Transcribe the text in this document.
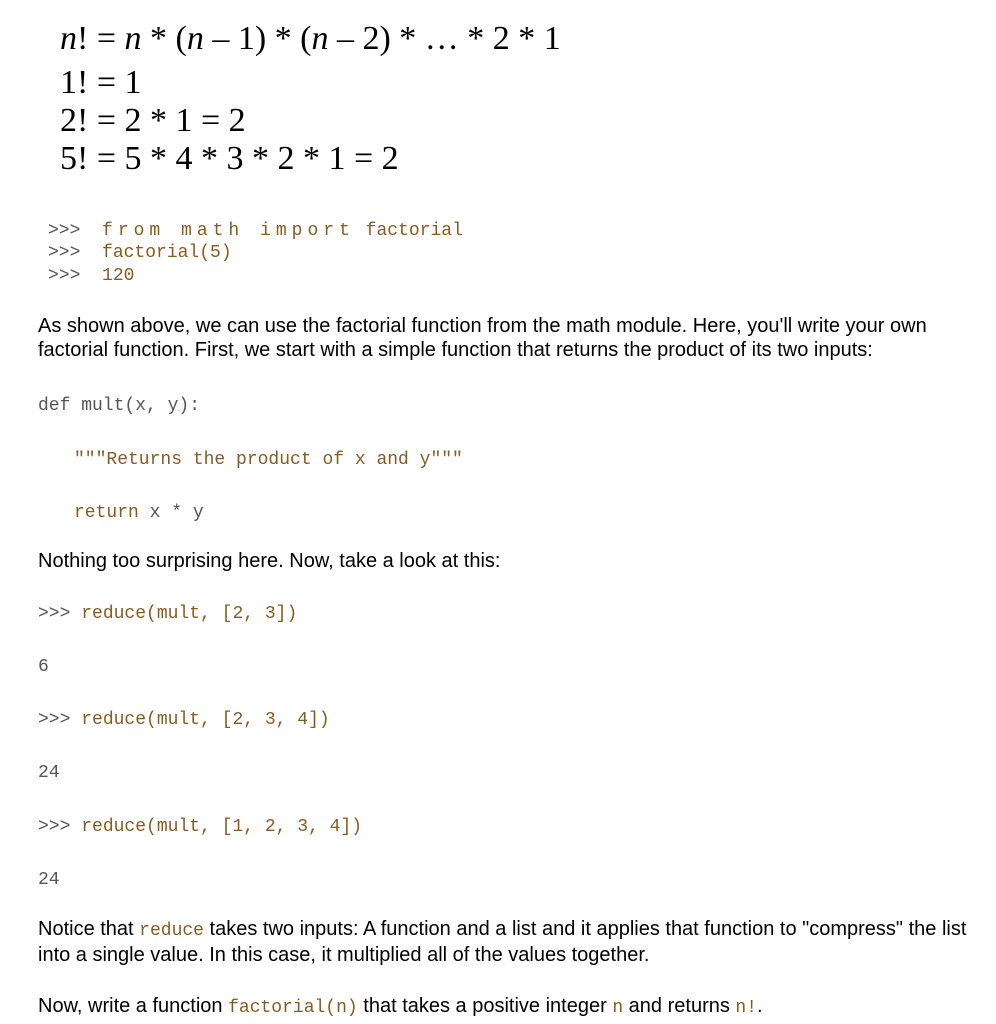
n! = n * (n – 1) * (n – 2) * … * 2 * 1
1! = 1
2! = 2 * 1 = 2
5! = 5 * 4 * 3 * 2 * 1 = 2
>>> from math import factorial
>>> factorial(5)
>>> 120
As shown above, we can use the factorial function from the math module. Here, you'll write your own factorial function. First, we start with a simple function that returns the product of its two inputs:
def mult(x, y):
"""Returns the product of x and y"""
return x * y
Nothing too surprising here. Now, take a look at this:
>>> reduce(mult, [2, 3])
6
>>> reduce(mult, [2, 3, 4])
24
>>> reduce(mult, [1, 2, 3, 4])
24
Notice that reduce takes two inputs: A function and a list and it applies that function to "compress" the list into a single value. In this case, it multiplied all of the values together.
Now, write a function factorial(n) that takes a positive integer n and returns n!.
